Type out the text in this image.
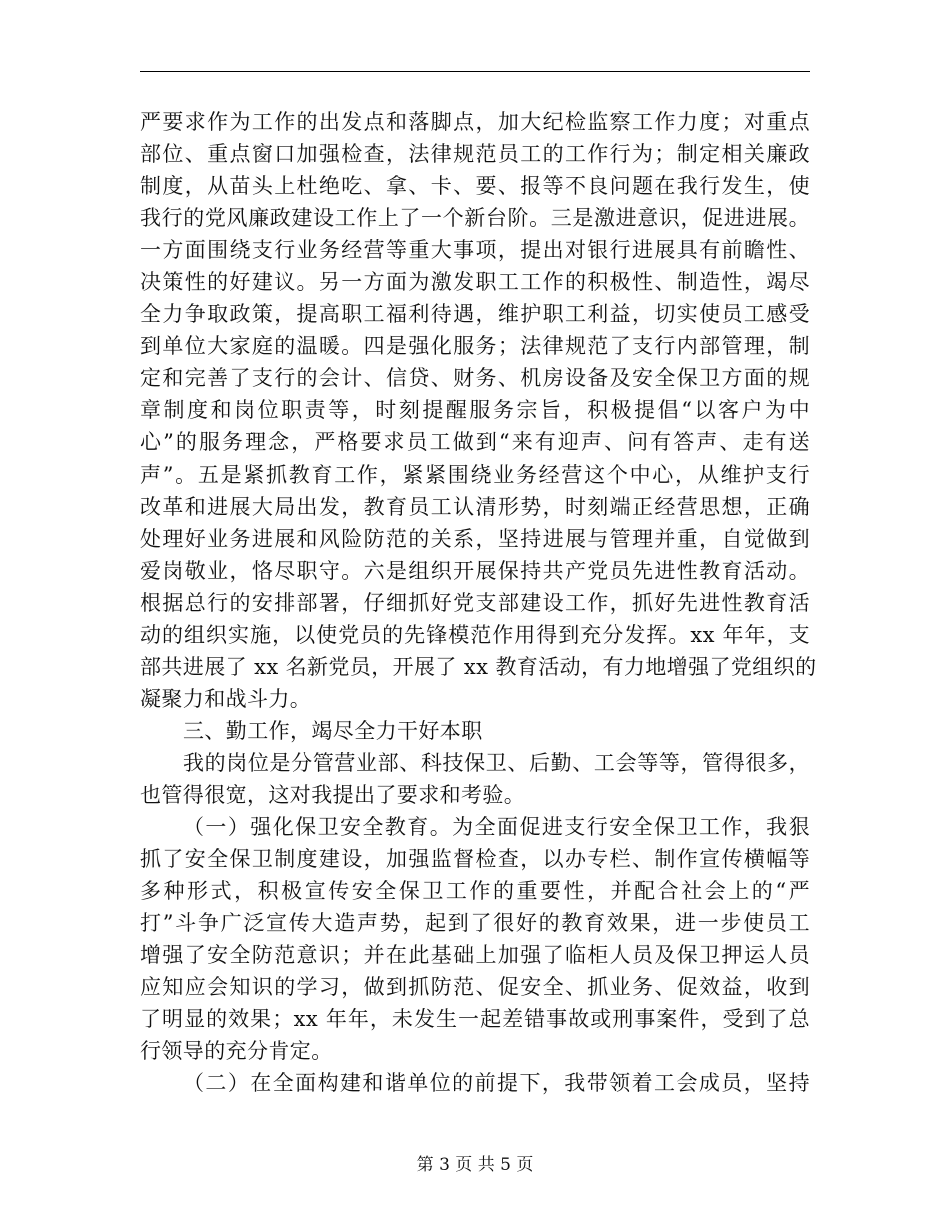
严要求作为工作的出发点和落脚点，加大纪检监察工作力度；对重点
部位、重点窗口加强检查，法律规范员工的工作行为；制定相关廉政
制度，从苗头上杜绝吃、拿、卡、要、报等不良问题在我行发生，使
我行的党风廉政建设工作上了一个新台阶。三是激进意识，促进进展。
一方面围绕支行业务经营等重大事项，提出对银行进展具有前瞻性、
决策性的好建议。另一方面为激发职工工作的积极性、制造性，竭尽
全力争取政策，提高职工福利待遇，维护职工利益，切实使员工感受
到单位大家庭的温暖。四是强化服务；法律规范了支行内部管理，制
定和完善了支行的会计、信贷、财务、机房设备及安全保卫方面的规
章制度和岗位职责等，时刻提醒服务宗旨，积极提倡“以客户为中
心”的服务理念，严格要求员工做到“来有迎声、问有答声、走有送
声”。五是紧抓教育工作，紧紧围绕业务经营这个中心，从维护支行
改革和进展大局出发，教育员工认清形势，时刻端正经营思想，正确
处理好业务进展和风险防范的关系，坚持进展与管理并重，自觉做到
爱岗敬业，恪尽职守。六是组织开展保持共产党员先进性教育活动。
根据总行的安排部署，仔细抓好党支部建设工作，抓好先进性教育活
动的组织实施，以使党员的先锋模范作用得到充分发挥。xx 年年，支
部共进展了 xx 名新党员，开展了 xx 教育活动，有力地增强了党组织的
凝聚力和战斗力。
三、勤工作，竭尽全力干好本职
我的岗位是分管营业部、科技保卫、后勤、工会等等，管得很多，
也管得很宽，这对我提出了要求和考验。
（一）强化保卫安全教育。为全面促进支行安全保卫工作，我狠
抓了安全保卫制度建设，加强监督检查，以办专栏、制作宣传横幅等
多种形式，积极宣传安全保卫工作的重要性，并配合社会上的“严
打”斗争广泛宣传大造声势，起到了很好的教育效果，进一步使员工
增强了安全防范意识；并在此基础上加强了临柜人员及保卫押运人员
应知应会知识的学习，做到抓防范、促安全、抓业务、促效益，收到
了明显的效果；xx 年年，未发生一起差错事故或刑事案件，受到了总
行领导的充分肯定。
（二）在全面构建和谐单位的前提下，我带领着工会成员，坚持
第 3 页 共 5 页
